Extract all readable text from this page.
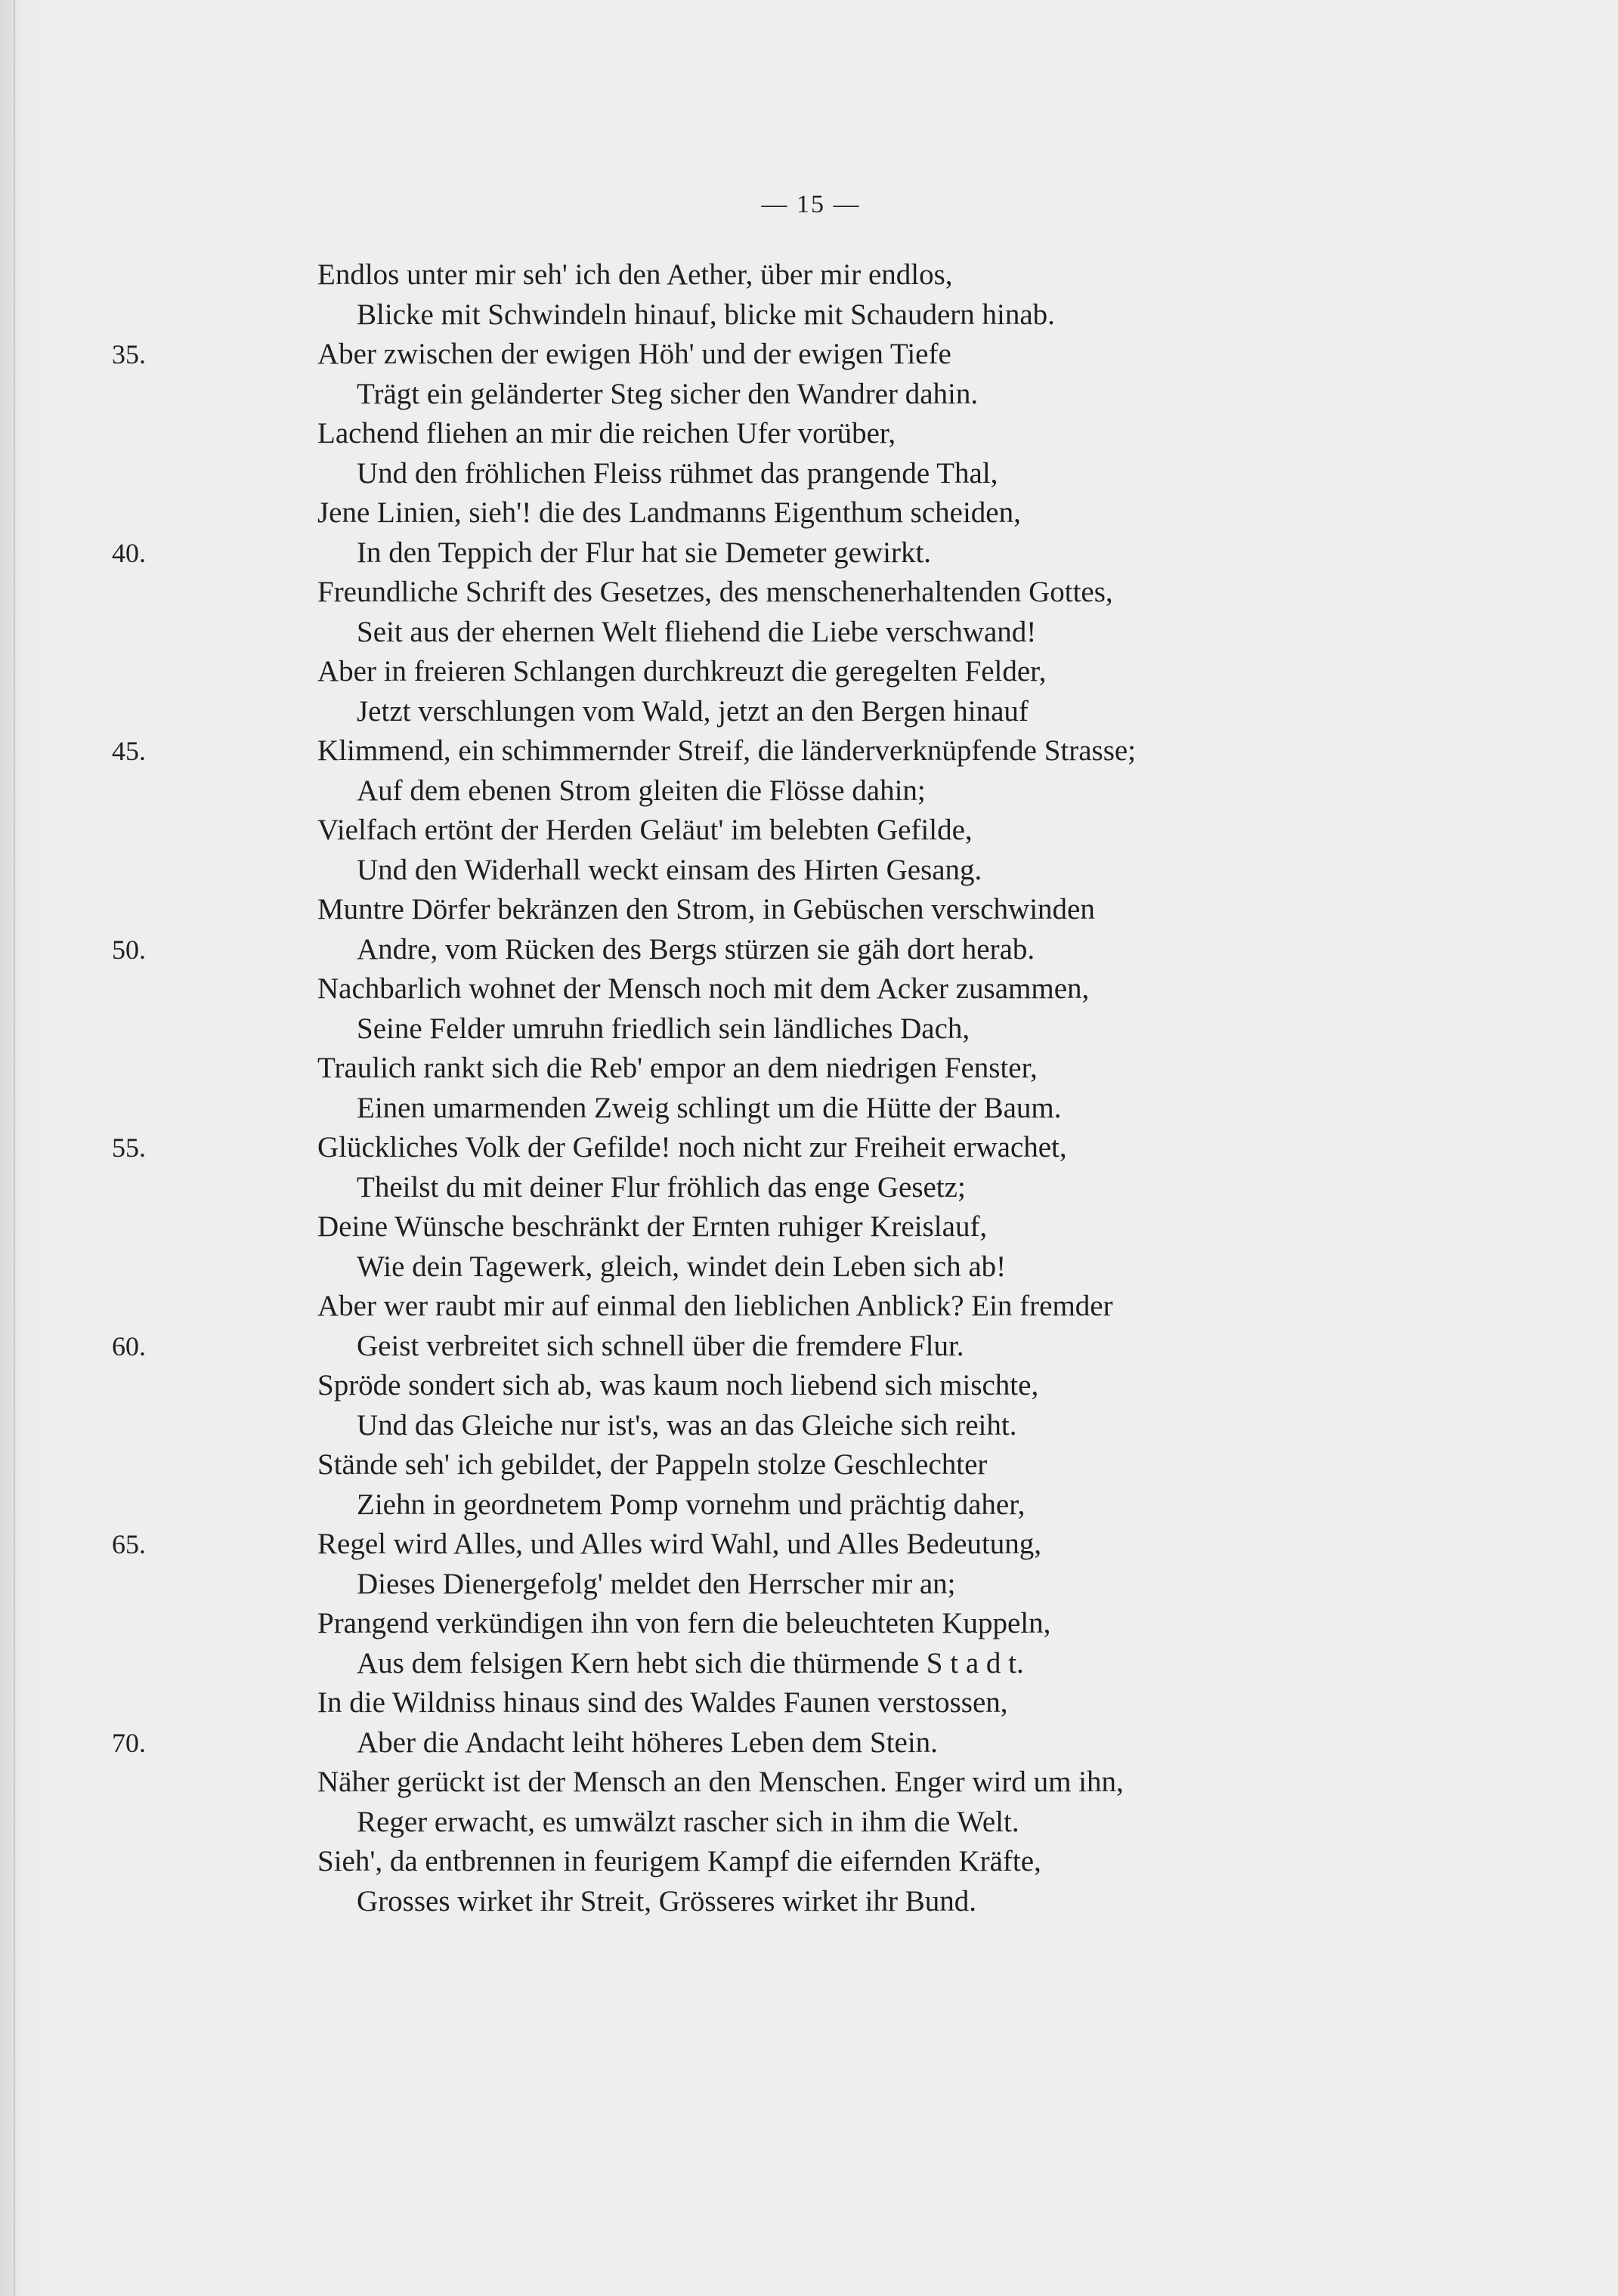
— 15 —
Endlos unter mir seh' ich den Aether, über mir endlos,
Blicke mit Schwindeln hinauf, blicke mit Schaudern hinab.
35.	Aber zwischen der ewigen Höh' und der ewigen Tiefe
Trägt ein geländerter Steg sicher den Wandrer dahin.
Lachend fliehen an mir die reichen Ufer vorüber,
Und den fröhlichen Fleiss rühmet das prangende Thal,
Jene Linien, sieh'! die des Landmanns Eigenthum scheiden,
40.	In den Teppich der Flur hat sie Demeter gewirkt.
Freundliche Schrift des Gesetzes, des menschenerhaltenden Gottes,
Seit aus der ehernen Welt fliehend die Liebe verschwand!
Aber in freieren Schlangen durchkreuzt die geregelten Felder,
Jetzt verschlungen vom Wald, jetzt an den Bergen hinauf
45.	Klimmend, ein schimmernder Streif, die länderverknüpfende Strasse;
Auf dem ebenen Strom gleiten die Flösse dahin;
Vielfach ertönt der Herden Geläut' im belebten Gefilde,
Und den Widerhall weckt einsam des Hirten Gesang.
Muntre Dörfer bekränzen den Strom, in Gebüschen verschwinden
50.	Andre, vom Rücken des Bergs stürzen sie gäh dort herab.
Nachbarlich wohnet der Mensch noch mit dem Acker zusammen,
Seine Felder umruhn friedlich sein ländliches Dach,
Traulich rankt sich die Reb' empor an dem niedrigen Fenster,
Einen umarmenden Zweig schlingt um die Hütte der Baum.
55.	Glückliches Volk der Gefilde! noch nicht zur Freiheit erwachet,
Theilst du mit deiner Flur fröhlich das enge Gesetz;
Deine Wünsche beschränkt der Ernten ruhiger Kreislauf,
Wie dein Tagewerk, gleich, windet dein Leben sich ab!
Aber wer raubt mir auf einmal den lieblichen Anblick? Ein fremder
60.	Geist verbreitet sich schnell über die fremdere Flur.
Spröde sondert sich ab, was kaum noch liebend sich mischte,
Und das Gleiche nur ist's, was an das Gleiche sich reiht.
Stände seh' ich gebildet, der Pappeln stolze Geschlechter
Ziehn in geordnetem Pomp vornehm und prächtig daher,
65.	Regel wird Alles, und Alles wird Wahl, und Alles Bedeutung,
Dieses Dienergefolg' meldet den Herrscher mir an;
Prangend verkündigen ihn von fern die beleuchteten Kuppeln,
Aus dem felsigen Kern hebt sich die thürmende S t a d t.
In die Wildniss hinaus sind des Waldes Faunen verstossen,
70.	Aber die Andacht leiht höheres Leben dem Stein.
Näher gerückt ist der Mensch an den Menschen. Enger wird um ihn,
Reger erwacht, es umwälzt rascher sich in ihm die Welt.
Sieh', da entbrennen in feurigem Kampf die eifernden Kräfte,
Grosses wirket ihr Streit, Grösseres wirket ihr Bund.
